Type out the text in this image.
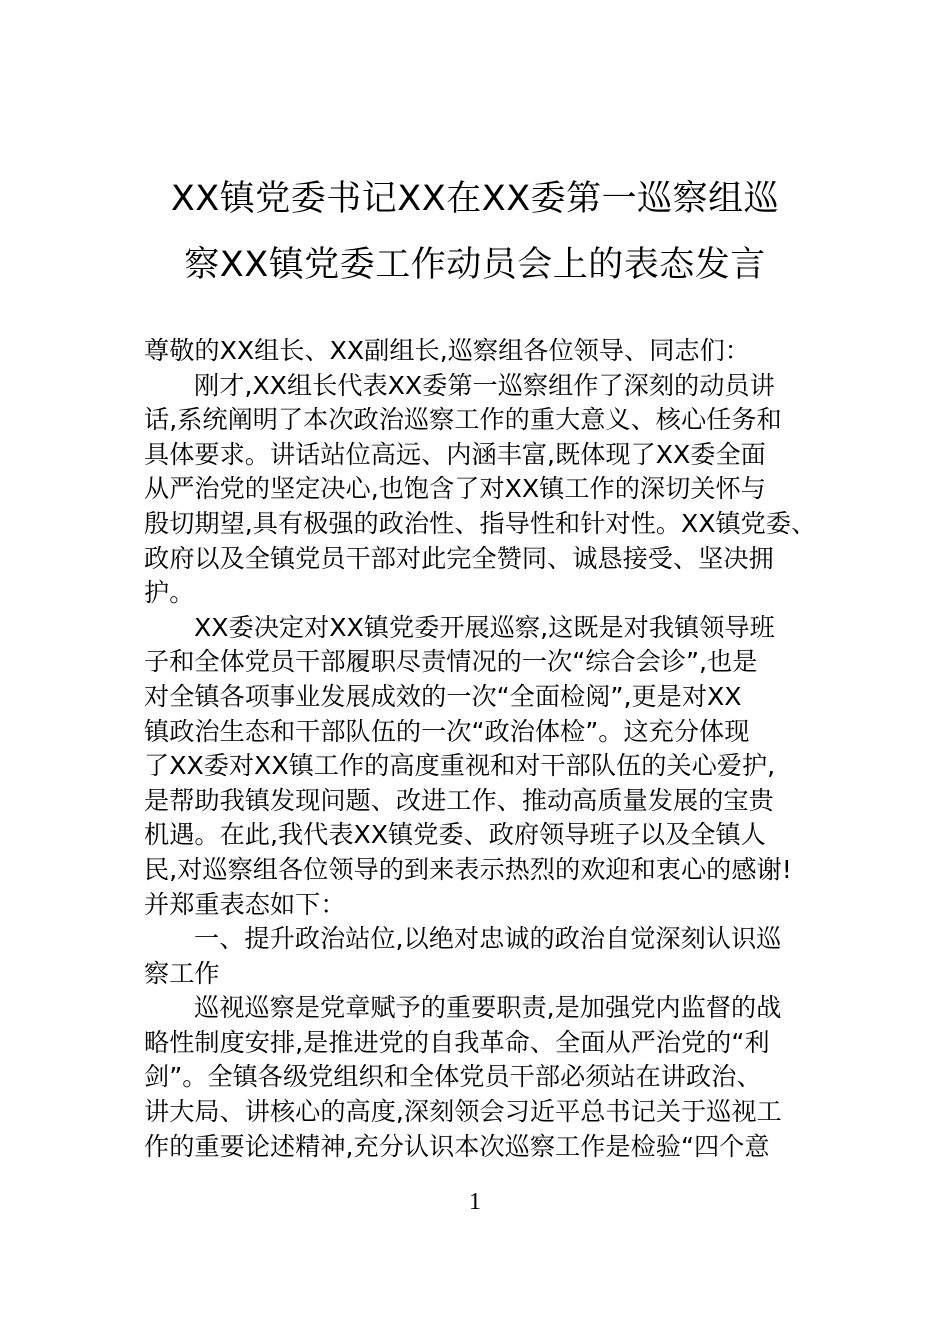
XX镇党委书记XX在XX委第一巡察组巡
察XX镇党委工作动员会上的表态发言
尊敬的XX组长、XX副组长,巡察组各位领导、同志们：
刚才,XX组长代表XX委第一巡察组作了深刻的动员讲
话,系统阐明了本次政治巡察工作的重大意义、核心任务和
具体要求。讲话站位高远、内涵丰富,既体现了XX委全面
从严治党的坚定决心,也饱含了对XX镇工作的深切关怀与
殷切期望,具有极强的政治性、指导性和针对性。XX镇党委、
政府以及全镇党员干部对此完全赞同、诚恳接受、坚决拥
护。
XX委决定对XX镇党委开展巡察,这既是对我镇领导班
子和全体党员干部履职尽责情况的一次“综合会诊”,也是
对全镇各项事业发展成效的一次“全面检阅”,更是对XX
镇政治生态和干部队伍的一次“政治体检”。这充分体现
了XX委对XX镇工作的高度重视和对干部队伍的关心爱护,
是帮助我镇发现问题、改进工作、推动高质量发展的宝贵
机遇。在此,我代表XX镇党委、政府领导班子以及全镇人
民,对巡察组各位领导的到来表示热烈的欢迎和衷心的感谢!
并郑重表态如下：
一、提升政治站位,以绝对忠诚的政治自觉深刻认识巡
察工作
巡视巡察是党章赋予的重要职责,是加强党内监督的战
略性制度安排,是推进党的自我革命、全面从严治党的“利
剑”。全镇各级党组织和全体党员干部必须站在讲政治、
讲大局、讲核心的高度,深刻领会习近平总书记关于巡视工
作的重要论述精神,充分认识本次巡察工作是检验“四个意
1
